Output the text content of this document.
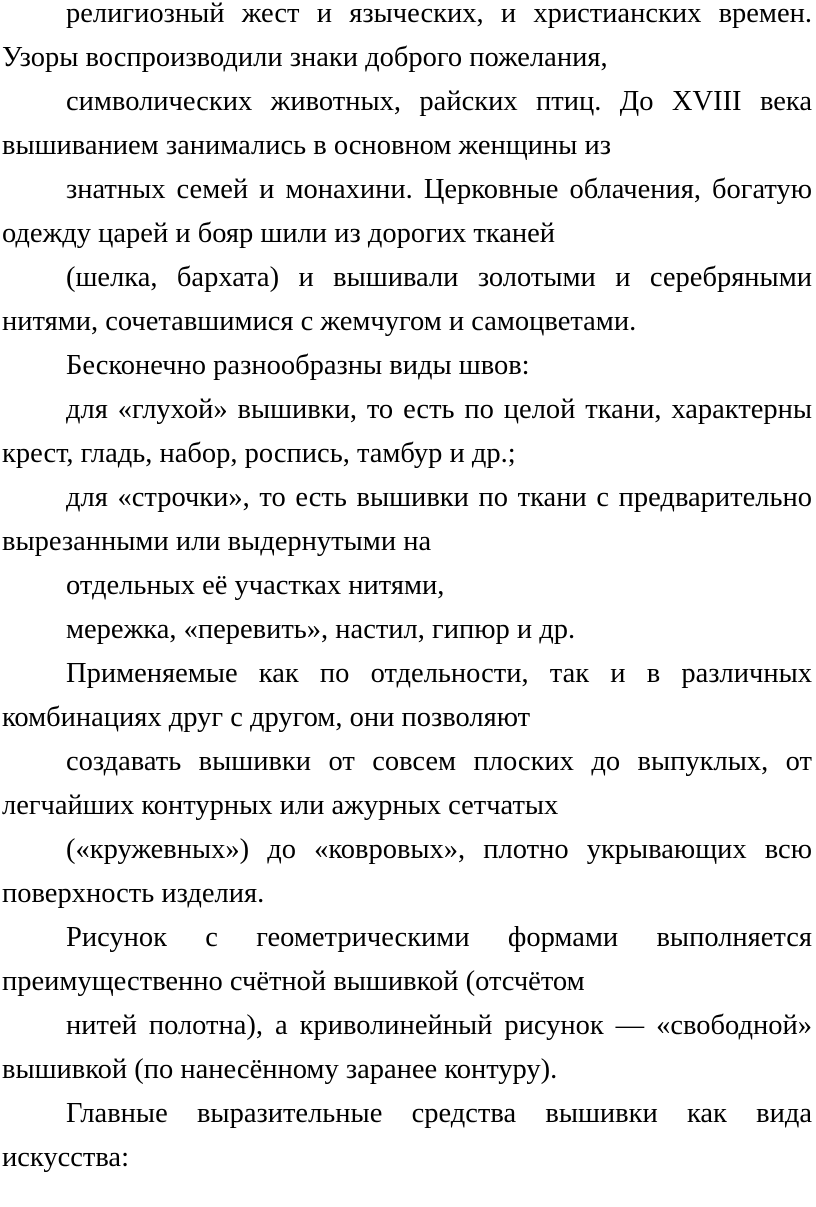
религиозный жест и языческих, и христианских времен. Узоры воспроизводили знаки доброго пожелания,

символических животных, райских птиц. До XVIII века вышиванием занимались в основном женщины из

знатных семей и монахини. Церковные облачения, богатую одежду царей и бояр шили из дорогих тканей

(шелка, бархата) и вышивали золотыми и серебряными нитями, сочетавшимися с жемчугом и самоцветами.

Бесконечно разнообразны виды швов:

для «глухой» вышивки, то есть по целой ткани, характерны крест, гладь, набор, роспись, тамбур и др.;

для «строчки», то есть вышивки по ткани с предварительно вырезанными или выдернутыми на

отдельных её участках нитями,

мережка, «перевить», настил, гипюр и др.

Применяемые как по отдельности, так и в различных комбинациях друг с другом, они позволяют

создавать вышивки от совсем плоских до выпуклых, от легчайших контурных или ажурных сетчатых

(«кружевных») до «ковровых», плотно укрывающих всю поверхность изделия.

Рисунок с геометрическими формами выполняется преимущественно счётной вышивкой (отсчётом

нитей полотна), а криволинейный рисунок — «свободной» вышивкой (по нанесённому заранее контуру).

Главные выразительные средства вышивки как вида искусства:
